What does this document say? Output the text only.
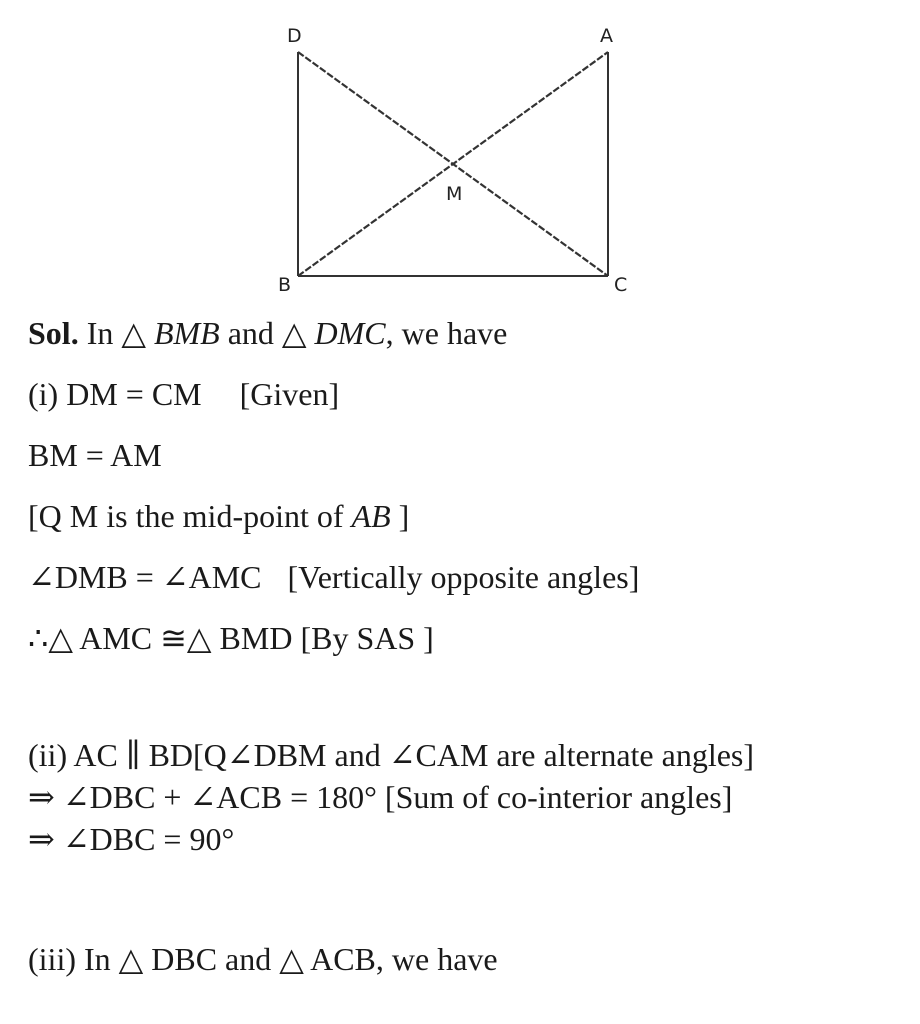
D	A
M
B	C
Sol. In △ BMB and △ DMC, we have
(i) DM = CM [Given]
BM = AM
[Q M is the mid-point of AB ]
∠DMB = ∠AMC [Vertically opposite angles]
∴△ AMC ≅△ BMD [By SAS ]
(ii) AC ∥ BD[Q∠DBM and ∠CAM are alternate angles]
⇒ ∠DBC + ∠ACB = 180° [Sum of co-interior angles]
⇒ ∠DBC = 90°
(iii) In △ DBC and △ ACB, we have
